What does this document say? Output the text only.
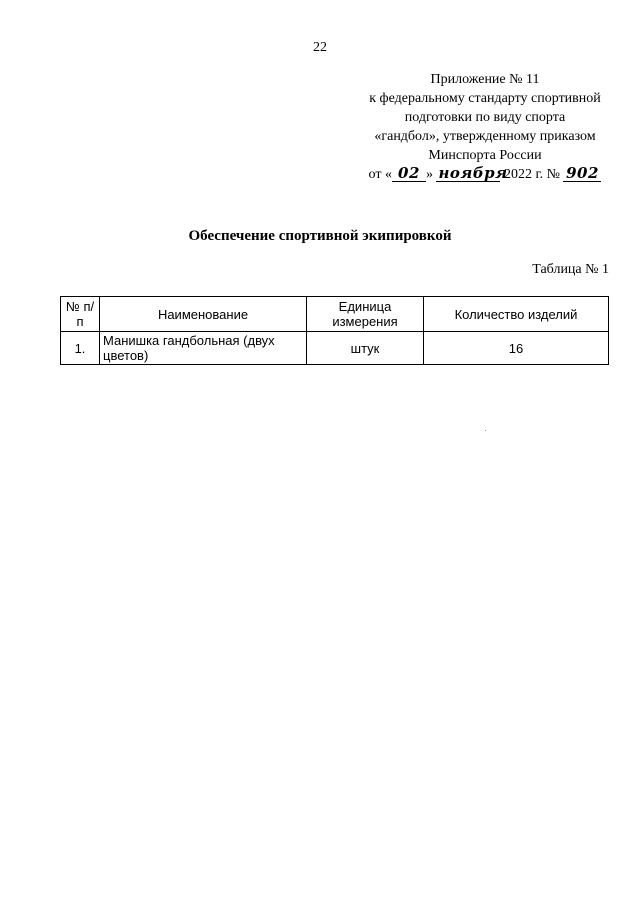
22
Приложение № 11
к федеральному стандарту спортивной
подготовки по виду спорта
«гандбол», утвержденному приказом
Минспорта России
от « 02 » ноября 2022 г. № 902
Обеспечение спортивной экипировкой
Таблица № 1
№ п/п	Наименование	Единица измерения	Количество изделий
1.	Манишка гандбольная (двух цветов)	штук	16
